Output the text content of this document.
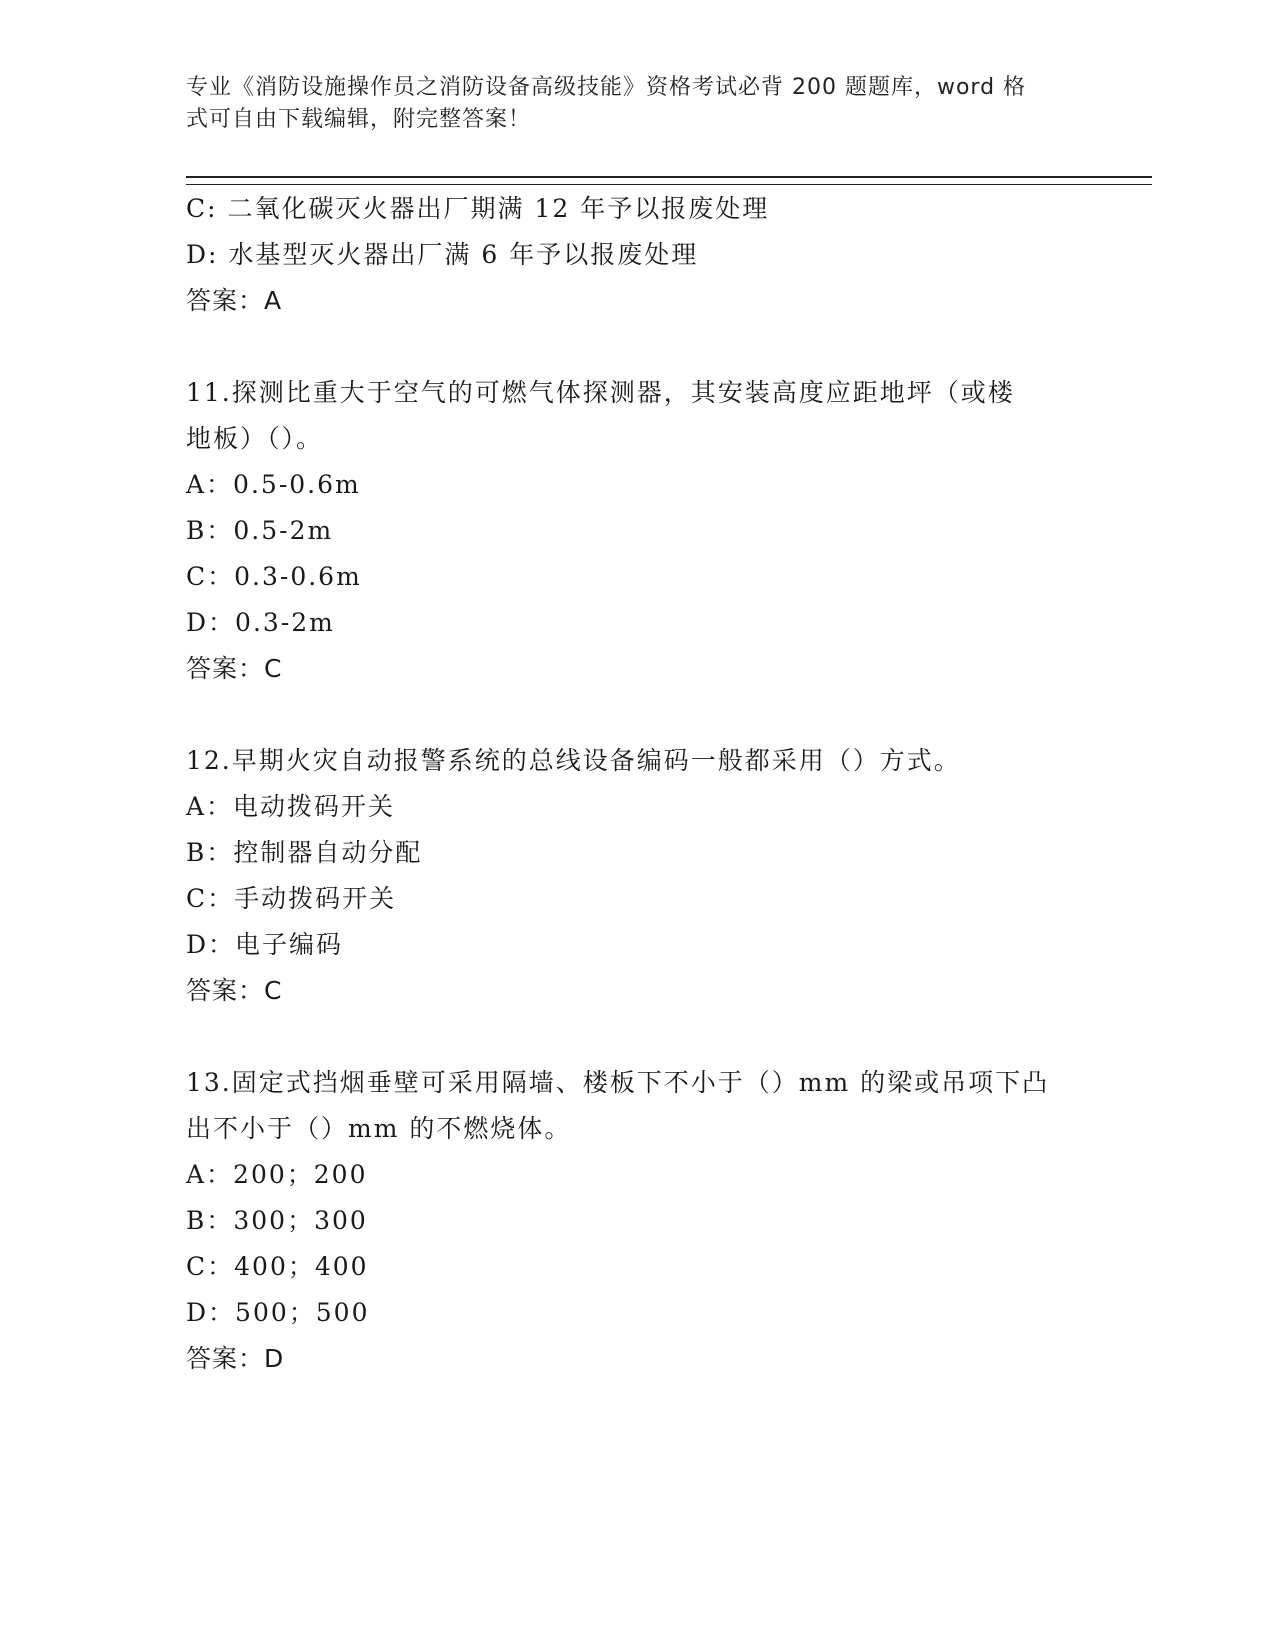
专业《消防设施操作员之消防设备高级技能》资格考试必背 200 题题库，word 格
式可自由下载编辑，附完整答案！
C: 二氧化碳灭火器出厂期满 12 年予以报废处理
D: 水基型灭火器出厂满 6 年予以报废处理
答案：A
11.探测比重大于空气的可燃气体探测器，其安装高度应距地坪（或楼
地板）（）。
A：0.5-0.6m
B：0.5-2m
C：0.3-0.6m
D：0.3-2m
答案：C
12.早期火灾自动报警系统的总线设备编码一般都采用（）方式。
A：电动拨码开关
B：控制器自动分配
C：手动拨码开关
D：电子编码
答案：C
13.固定式挡烟垂壁可采用隔墙、楼板下不小于（）mm 的梁或吊项下凸
出不小于（）mm 的不燃烧体。
A：200；200
B：300；300
C：400；400
D：500；500
答案：D
